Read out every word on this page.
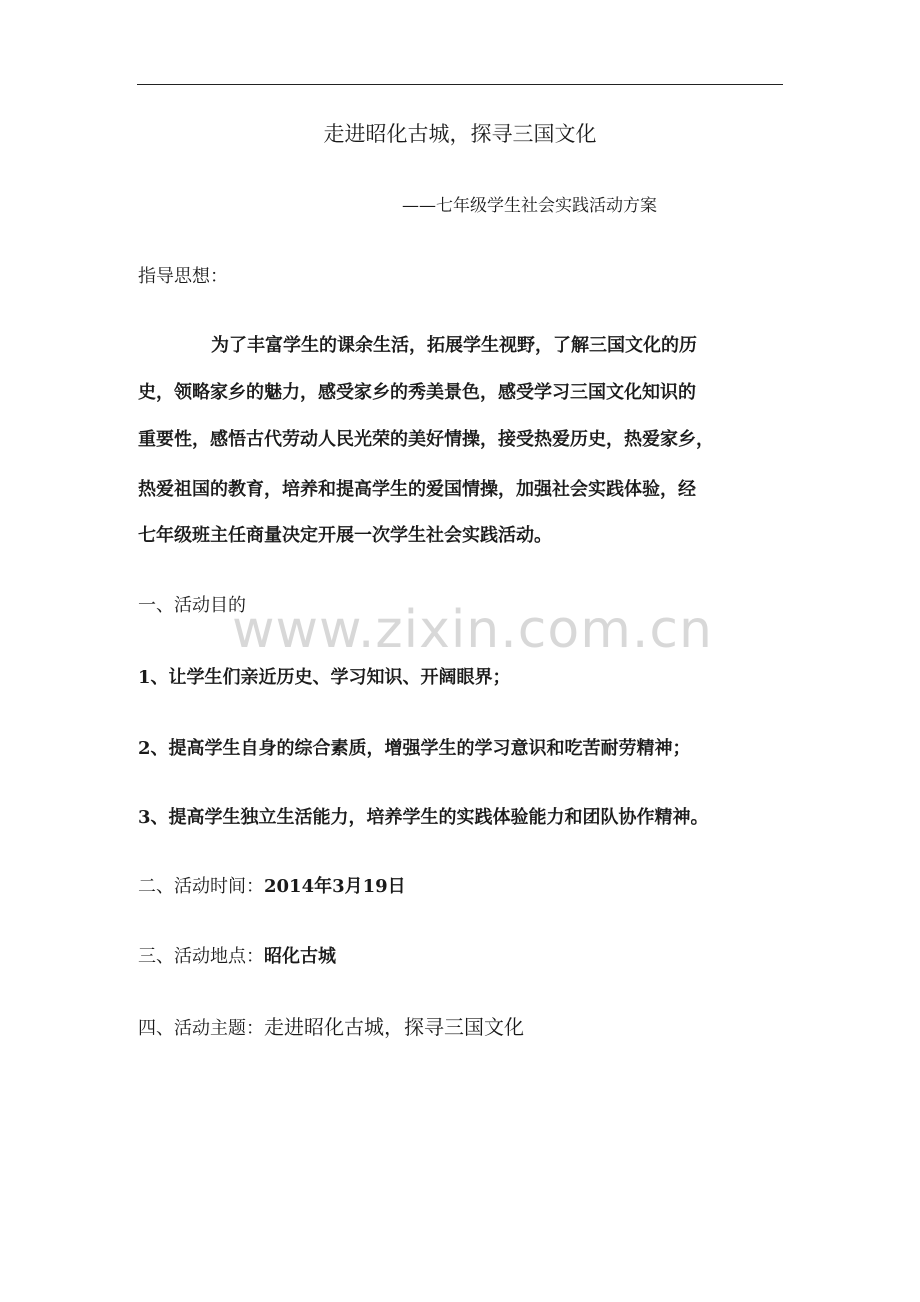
走进昭化古城，探寻三国文化
——七年级学生社会实践活动方案
指导思想：
为了丰富学生的课余生活，拓展学生视野，了解三国文化的历
史，领略家乡的魅力，感受家乡的秀美景色，感受学习三国文化知识的
重要性，感悟古代劳动人民光荣的美好情操，接受热爱历史，热爱家乡，
热爱祖国的教育，培养和提高学生的爱国情操，加强社会实践体验，经
七年级班主任商量决定开展一次学生社会实践活动。
一、活动目的
www.zixin.com.cn
1、让学生们亲近历史、学习知识、开阔眼界；
2、提高学生自身的综合素质，增强学生的学习意识和吃苦耐劳精神；
3、提高学生独立生活能力，培养学生的实践体验能力和团队协作精神。
二、活动时间：2014年3月19日
三、活动地点：昭化古城
四、活动主题：走进昭化古城，探寻三国文化
